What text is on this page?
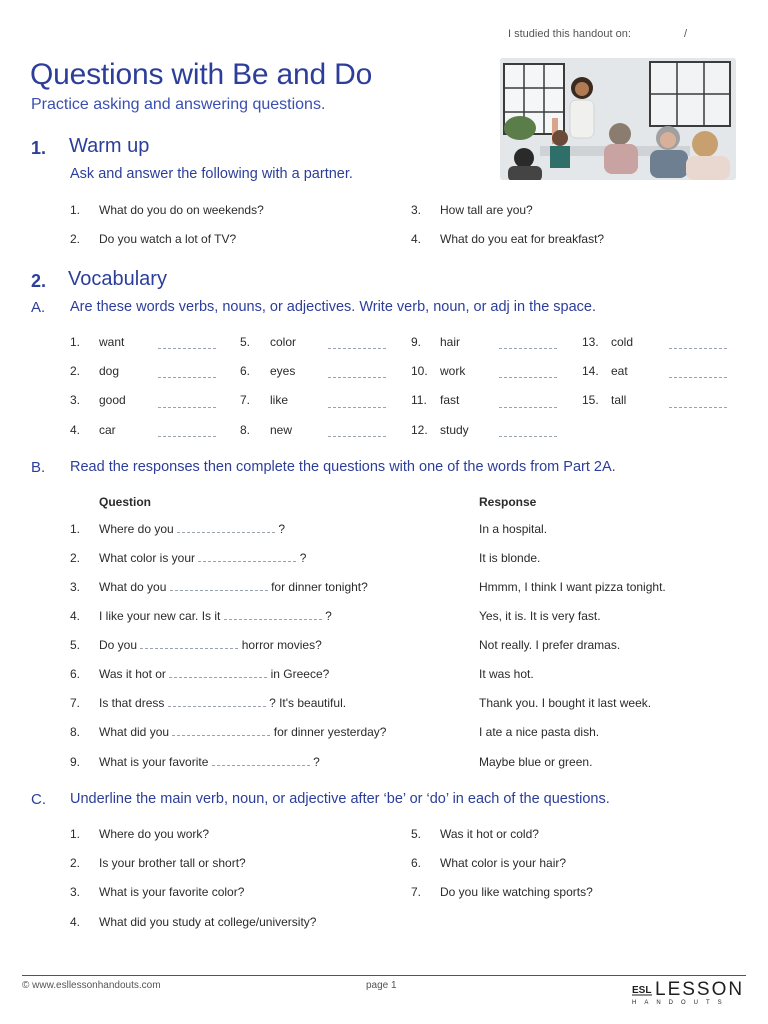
I studied this handout on:	/
Questions with Be and Do
Practice asking and answering questions.
1. Warm up
Ask and answer the following with a partner.
1.	What do you do on weekends?
2.	Do you watch a lot of TV?
3.	How tall are you?
4.	What do you eat for breakfast?
2. Vocabulary
A. Are these words verbs, nouns, or adjectives. Write verb, noun, or adj in the space.
1.	want
2.	dog
3.	good
4.	car
5.	color
6.	eyes
7.	like
8.	new
9.	hair
10.	work
11.	fast
12.	study
13.	cold
14.	eat
15.	tall
B. Read the responses then complete the questions with one of the words from Part 2A.
Question	Response
1.	Where do you	?	In a hospital.
2.	What color is your	?	It is blonde.
3.	What do you	for dinner tonight?	Hmmm, I think I want pizza tonight.
4.	I like your new car. Is it	?	Yes, it is. It is very fast.
5.	Do you	horror movies?	Not really. I prefer dramas.
6.	Was it hot or	in Greece?	It was hot.
7.	Is that dress	? It's beautiful.	Thank you. I bought it last week.
8.	What did you	for dinner yesterday?	I ate a nice pasta dish.
9.	What is your favorite	?	Maybe blue or green.
C. Underline the main verb, noun, or adjective after ‘be’ or ‘do’ in each of the questions.
1.	Where do you work?
2.	Is your brother tall or short?
3.	What is your favorite color?
4.	What did you study at college/university?
5.	Was it hot or cold?
6.	What color is your hair?
7.	Do you like watching sports?
© www.esllessonhandouts.com	page 1	ESL LESSON
HANDOUTS
